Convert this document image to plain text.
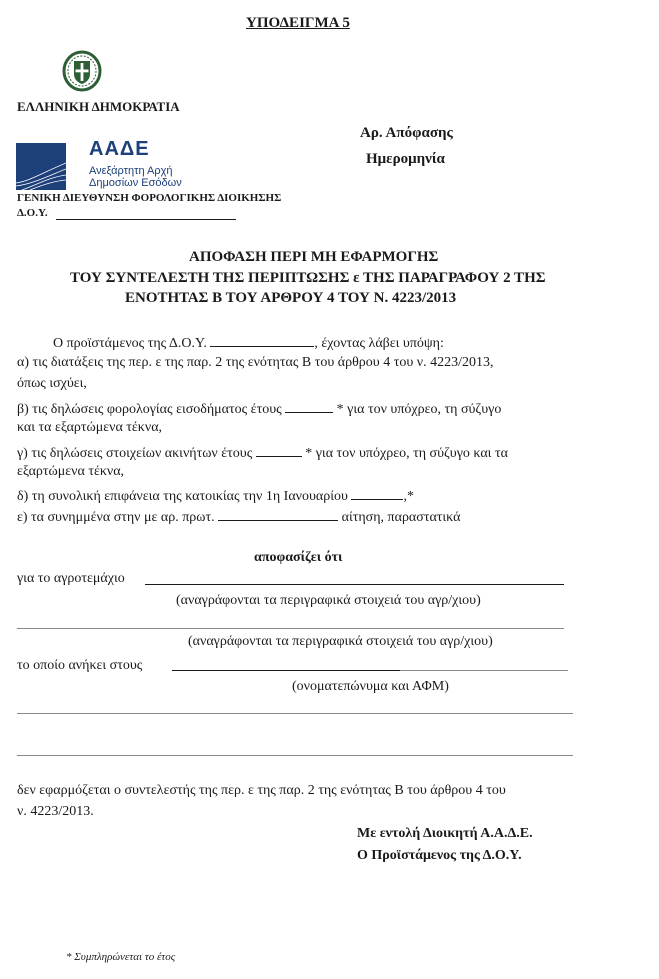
ΥΠΟΔΕΙΓΜΑ 5
ΕΛΛΗΝΙΚΗ ΔΗΜΟΚΡΑΤΙΑ
Αρ. Απόφασης
Ημερομηνία
ΑΑΔΕ
Ανεξάρτητη Αρχή
Δημοσίων Εσόδων
ΓΕΝΙΚΗ ΔΙΕΥΘΥΝΣΗ ΦΟΡΟΛΟΓΙΚΗΣ ΔΙΟΙΚΗΣΗΣ
Δ.Ο.Υ.
ΑΠΟΦΑΣΗ ΠΕΡΙ ΜΗ ΕΦΑΡΜΟΓΗΣ
ΤΟΥ ΣΥΝΤΕΛΕΣΤΗ ΤΗΣ ΠΕΡΙΠΤΩΣΗΣ ε ΤΗΣ ΠΑΡΑΓΡΑΦΟΥ 2 ΤΗΣ
ΕΝΟΤΗΤΑΣ Β ΤΟΥ ΑΡΘΡΟΥ 4 ΤΟΥ Ν. 4223/2013
Ο προϊστάμενος της Δ.Ο.Υ.	, έχοντας λάβει υπόψη:
α) τις διατάξεις της περ. ε της παρ. 2 της ενότητας Β του άρθρου 4 του ν. 4223/2013,
όπως ισχύει,
β) τις δηλώσεις φορολογίας εισοδήματος έτους	* για τον υπόχρεο, τη σύζυγο
και τα εξαρτώμενα τέκνα,
γ) τις δηλώσεις στοιχείων ακινήτων έτους	* για τον υπόχρεο, τη σύζυγο και τα
εξαρτώμενα τέκνα,
δ) τη συνολική επιφάνεια της κατοικίας την 1η Ιανουαρίου	,*
ε) τα συνημμένα στην με αρ. πρωτ.	αίτηση, παραστατικά
αποφασίζει ότι
για το αγροτεμάχιο
(αναγράφονται τα περιγραφικά στοιχειά του αγρ/χιου)
(αναγράφονται τα περιγραφικά στοιχειά του αγρ/χιου)
το οποίο ανήκει στους
(ονοματεπώνυμα και ΑΦΜ)
δεν εφαρμόζεται ο συντελεστής της περ. ε της παρ. 2 της ενότητας Β του άρθρου 4 του
ν. 4223/2013.
Με εντολή Διοικητή Α.Α.Δ.Ε.
Ο Προϊστάμενος της Δ.Ο.Υ.
* Συμπληρώνεται το έτος
